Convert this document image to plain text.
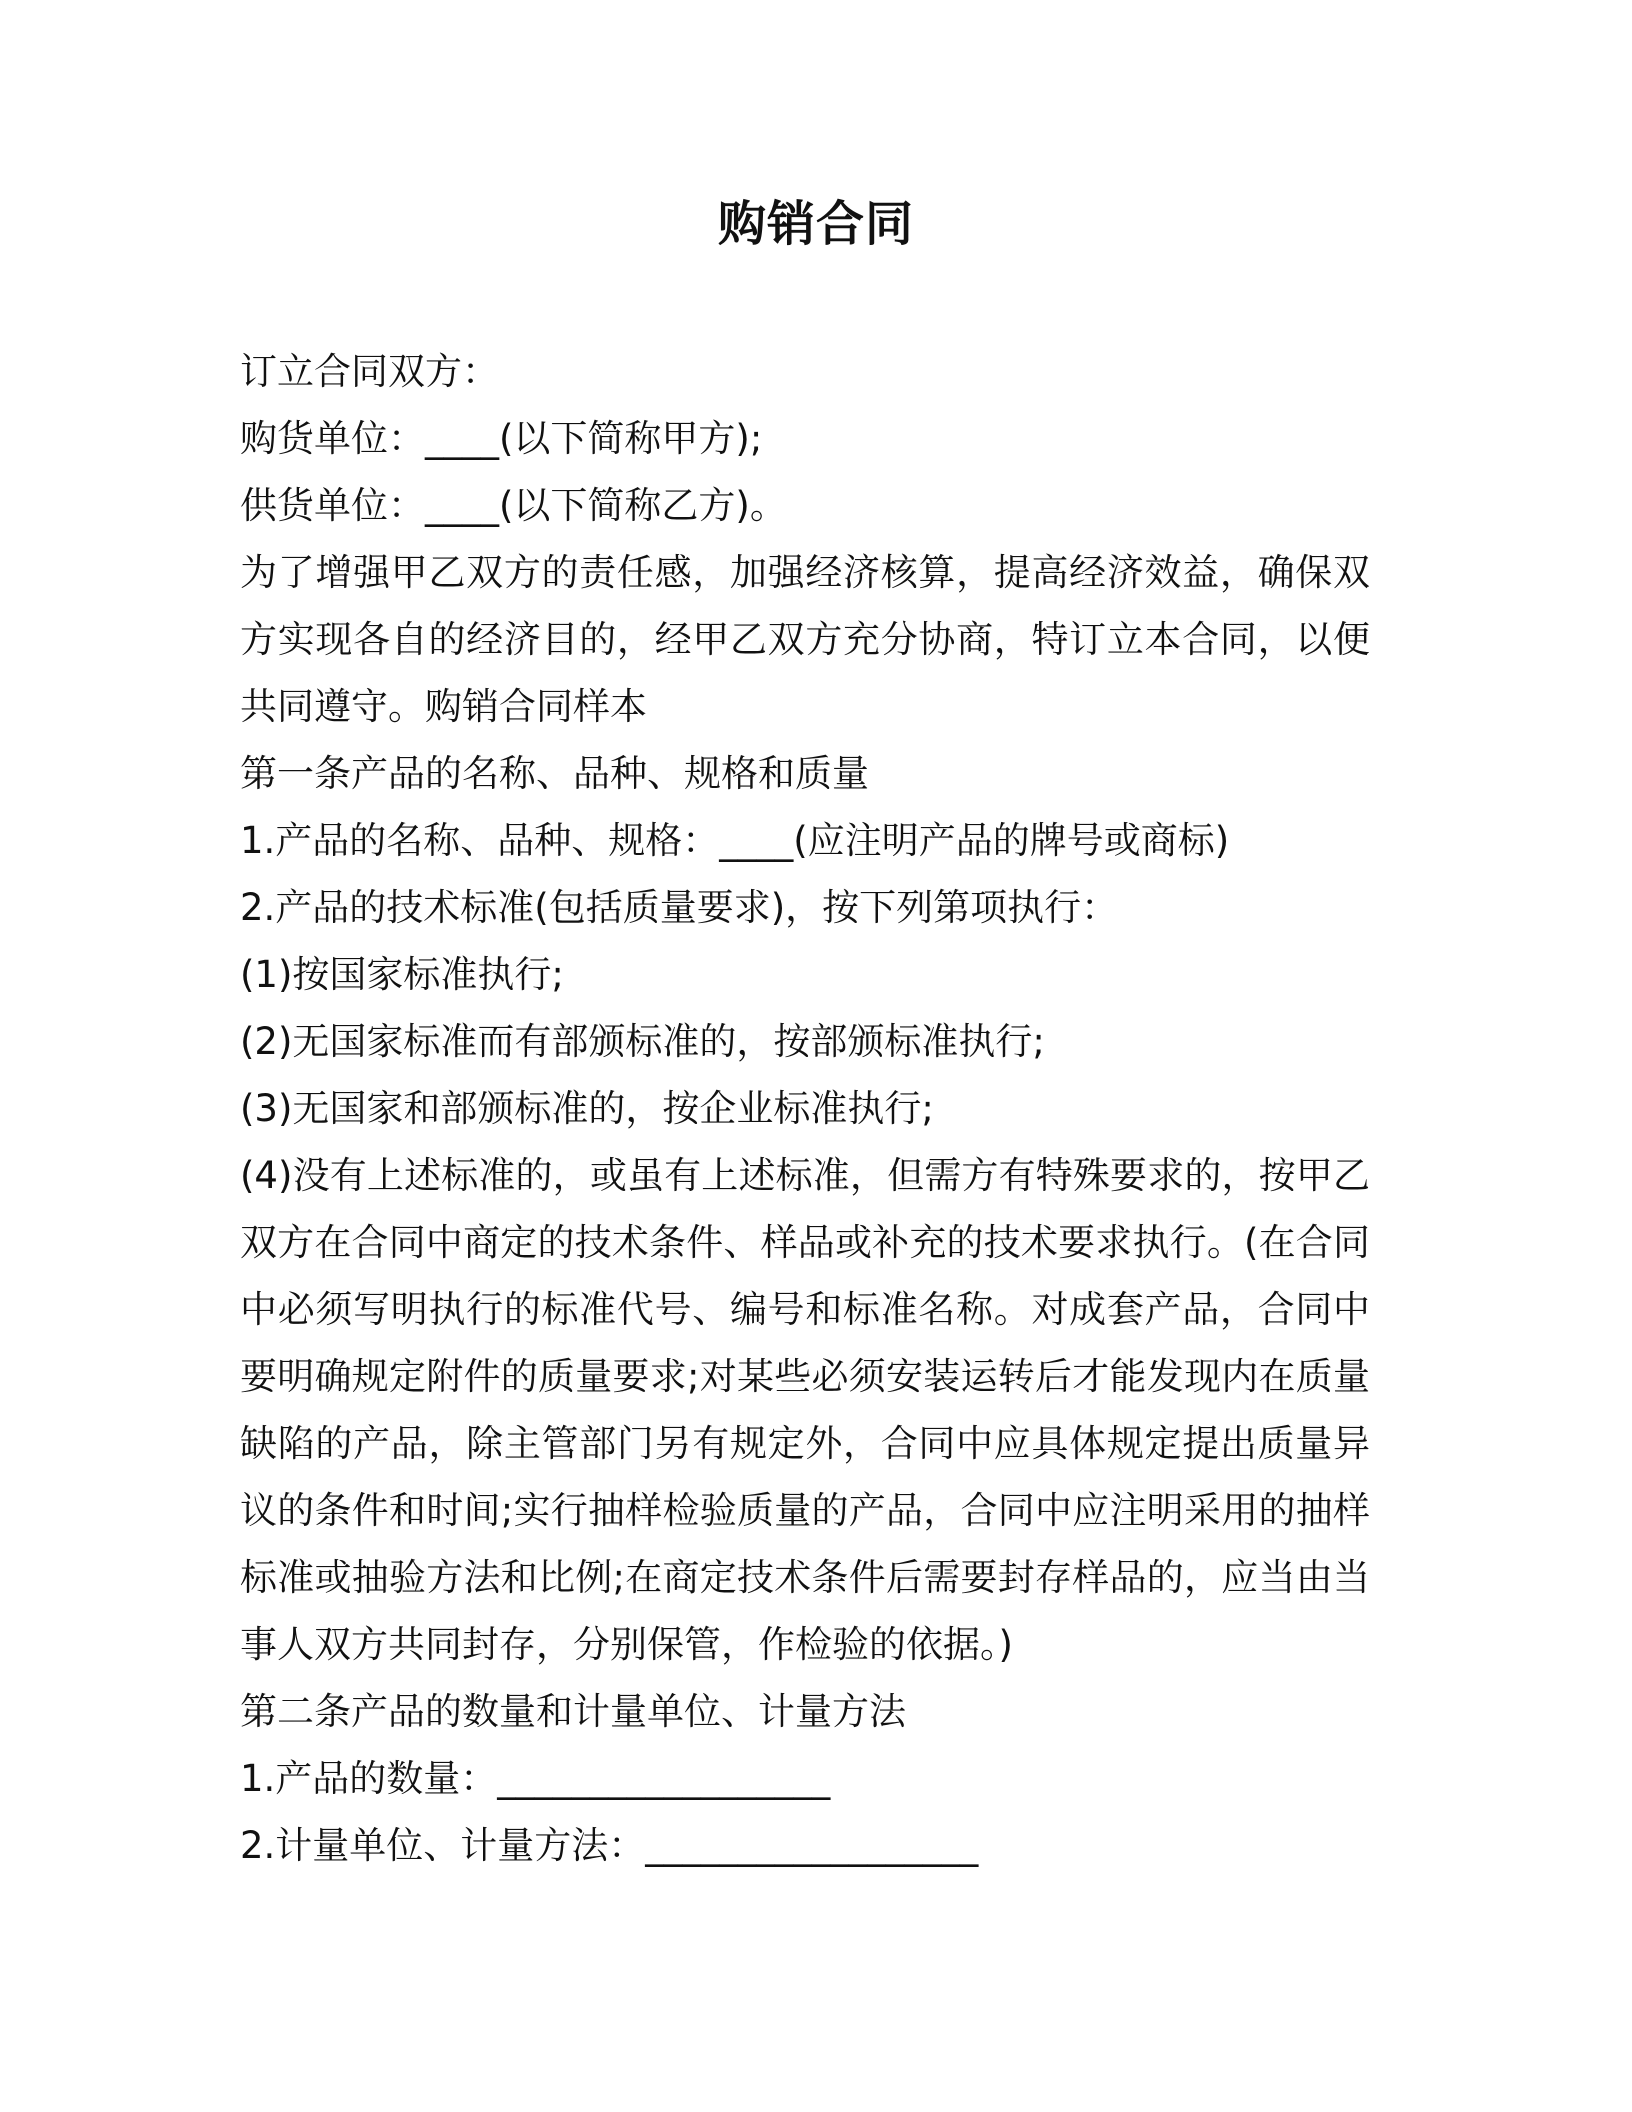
购销合同
订立合同双方：
购货单位：____(以下简称甲方);
供货单位：____(以下简称乙方)。
为了增强甲乙双方的责任感，加强经济核算，提高经济效益，确保双方实现各自的经济目的，经甲乙双方充分协商，特订立本合同，以便共同遵守。购销合同样本
第一条产品的名称、品种、规格和质量
1.产品的名称、品种、规格：____(应注明产品的牌号或商标)
2.产品的技术标准(包括质量要求)，按下列第项执行：
(1)按国家标准执行;
(2)无国家标准而有部颁标准的，按部颁标准执行;
(3)无国家和部颁标准的，按企业标准执行;
(4)没有上述标准的，或虽有上述标准，但需方有特殊要求的，按甲乙双方在合同中商定的技术条件、样品或补充的技术要求执行。(在合同中必须写明执行的标准代号、编号和标准名称。对成套产品，合同中要明确规定附件的质量要求;对某些必须安装运转后才能发现内在质量缺陷的产品，除主管部门另有规定外，合同中应具体规定提出质量异议的条件和时间;实行抽样检验质量的产品，合同中应注明采用的抽样标准或抽验方法和比例;在商定技术条件后需要封存样品的，应当由当事人双方共同封存，分别保管，作检验的依据。)
第二条产品的数量和计量单位、计量方法
1.产品的数量：__________________
2.计量单位、计量方法：__________________
